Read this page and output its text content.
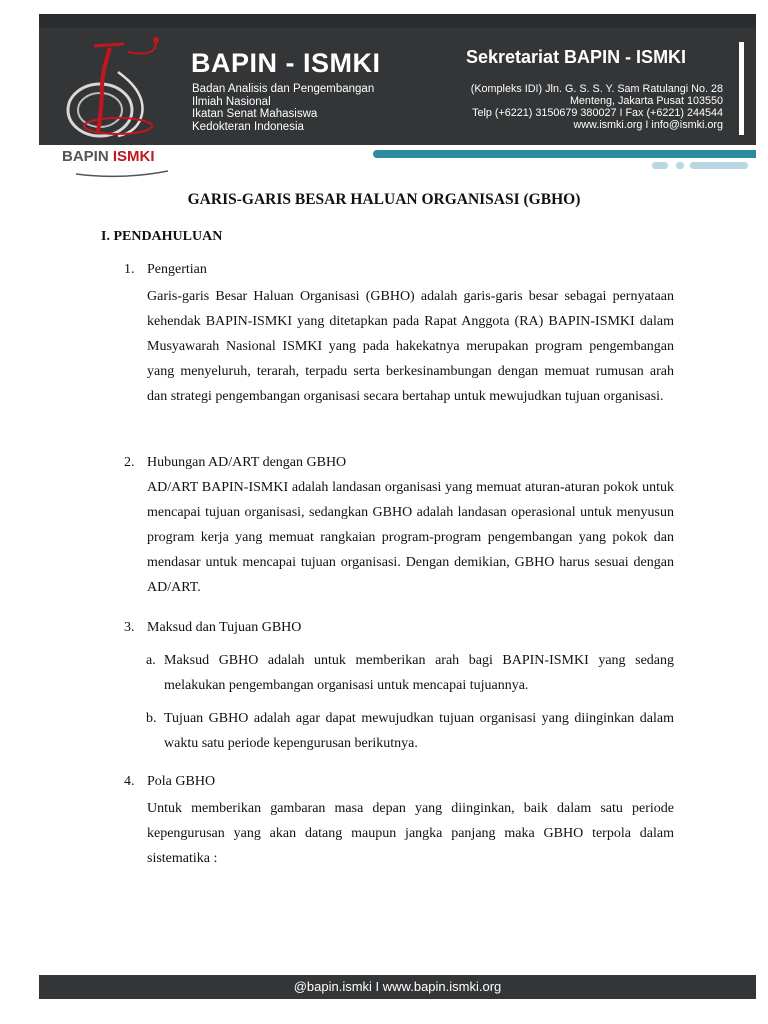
BAPIN - ISMKI
Badan Analisis dan Pengembangan
Ilmiah Nasional
Ikatan Senat Mahasiswa
Kedokteran Indonesia
Sekretariat BAPIN - ISMKI
(Kompleks IDI) Jln. G. S. S. Y. Sam Ratulangi No. 28
Menteng, Jakarta Pusat 103550
Telp (+6221) 3150679 380027 I Fax (+6221) 244544
www.ismki.org I info@ismki.org
BAPIN ISMKI
GARIS-GARIS BESAR HALUAN ORGANISASI (GBHO)
I. PENDAHULUAN
1. Pengertian
Garis-garis Besar Haluan Organisasi (GBHO) adalah garis-garis besar sebagai pernyataan kehendak BAPIN-ISMKI yang ditetapkan pada Rapat Anggota (RA) BAPIN-ISMKI dalam Musyawarah Nasional ISMKI yang pada hakekatnya merupakan program pengembangan yang menyeluruh, terarah, terpadu serta berkesinambungan dengan memuat rumusan arah dan strategi pengembangan organisasi secara bertahap untuk mewujudkan tujuan organisasi.
2. Hubungan AD/ART dengan GBHO
AD/ART BAPIN-ISMKI adalah landasan organisasi yang memuat aturan-aturan pokok untuk mencapai tujuan organisasi, sedangkan GBHO adalah landasan operasional untuk menyusun program kerja yang memuat rangkaian program-program pengembangan yang pokok dan mendasar untuk mencapai tujuan organisasi. Dengan demikian, GBHO harus sesuai dengan AD/ART.
3. Maksud dan Tujuan GBHO
a. Maksud GBHO adalah untuk memberikan arah bagi BAPIN-ISMKI yang sedang melakukan pengembangan organisasi untuk mencapai tujuannya.
b. Tujuan GBHO adalah agar dapat mewujudkan tujuan organisasi yang diinginkan dalam waktu satu periode kepengurusan berikutnya.
4. Pola GBHO
Untuk memberikan gambaran masa depan yang diinginkan, baik dalam satu periode kepengurusan yang akan datang maupun jangka panjang maka GBHO terpola dalam sistematika :
@bapin.ismki I www.bapin.ismki.org
